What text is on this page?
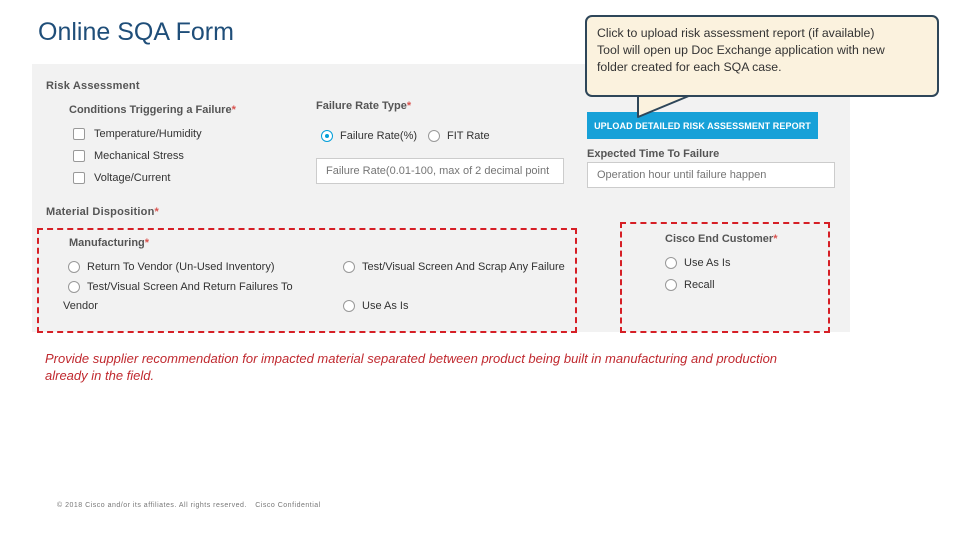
Online SQA Form
Risk Assessment
Conditions Triggering a Failure*
Temperature/Humidity
Mechanical Stress
Voltage/Current
Failure Rate Type*
Failure Rate(%)	FIT Rate
Failure Rate(0.01-100, max of 2 decimal point
UPLOAD DETAILED RISK ASSESSMENT REPORT
Expected Time To Failure
Operation hour until failure happen
Material Disposition*
Manufacturing*
Return To Vendor (Un-Used Inventory)	Test/Visual Screen And Scrap Any Failure
Test/Visual Screen And Return Failures To
Vendor	Use As Is
Cisco End Customer*
Use As Is
Recall
Click to upload risk assessment report (if available)
Tool will open up Doc Exchange application with new
folder created for each SQA case.
Provide supplier recommendation for impacted material separated between product being built in manufacturing and production already in the field.
© 2018 Cisco and/or its affiliates. All rights reserved. Cisco Confidential
